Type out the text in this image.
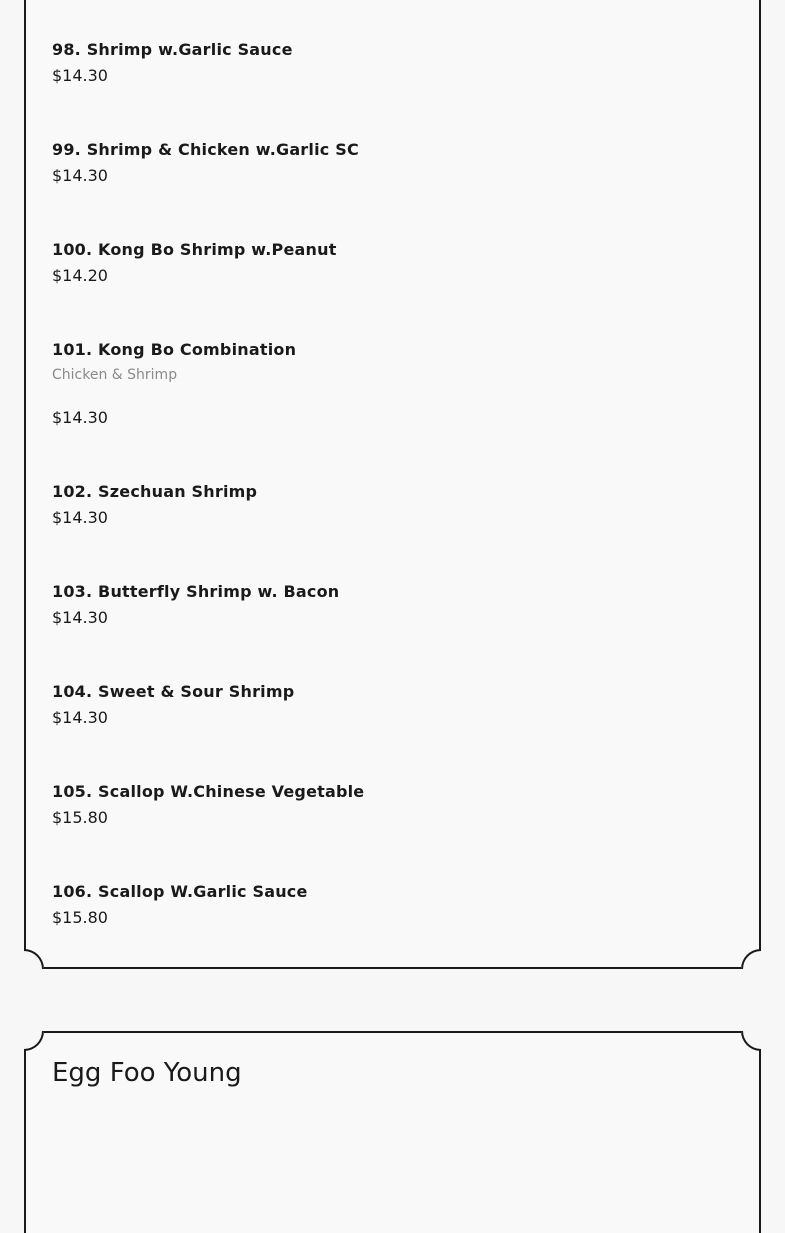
98. Shrimp w.Garlic Sauce

$14.30

99. Shrimp & Chicken w.Garlic SC

$14.30

100. Kong Bo Shrimp w.Peanut

$14.20

101. Kong Bo Combination

Chicken & Shrimp
$14.30

102. Szechuan Shrimp

$14.30

103. Butterfly Shrimp w. Bacon

$14.30

104. Sweet & Sour Shrimp

$14.30

105. Scallop W.Chinese Vegetable

$15.80

106. Scallop W.Garlic Sauce

$15.80
Egg Foo Young
